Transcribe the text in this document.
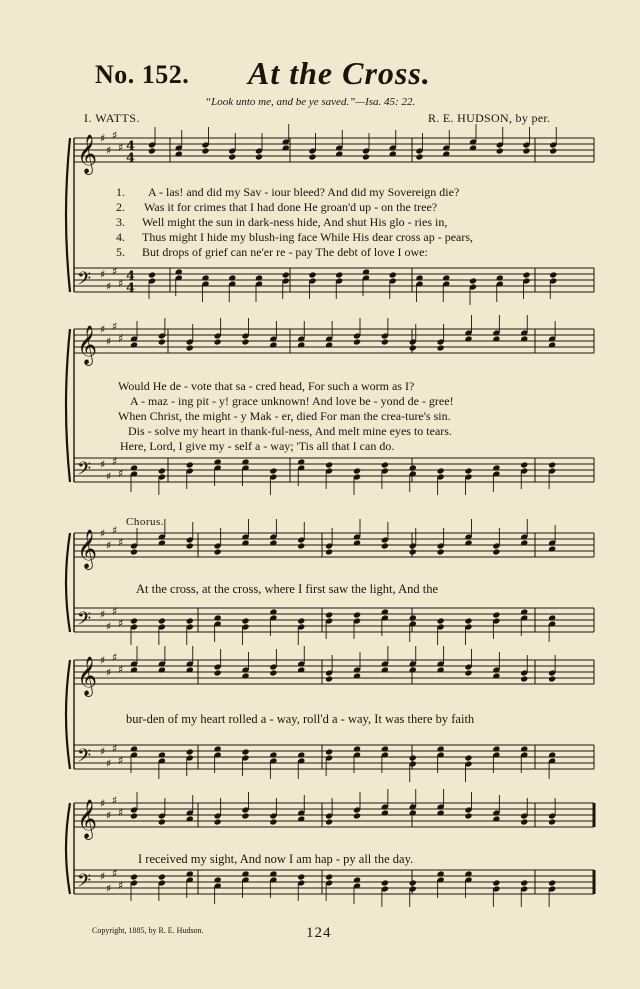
No. 152. At the Cross.
“Look unto me, and be ye saved.”—Isa. 45: 22.
I. WATTS.	R. E. HUDSON, by per.
𝄞 ♯
♯
♯
♯ 4
4
𝄢 ♯
♯
♯
♯ 4
4
𝄞 ♯
♯
♯
♯
𝄢 ♯
♯
♯
♯
𝄞 ♯
♯
♯
♯
𝄢 ♯
♯
♯
♯
𝄞 ♯
♯
♯
♯
𝄢 ♯
♯
♯
♯
𝄞 ♯
♯
♯
♯
𝄢 ♯
♯
♯
♯
1. A - las! and did my Sav - iour bleed? And did my Sovereign die?
2. Was it for crimes that I had done He groan'd up - on the tree?
3. Well might the sun in dark-ness hide, And shut His glo - ries in,
4. Thus might I hide my blush-ing face While His dear cross ap - pears,
5. But drops of grief can ne'er re - pay The debt of love I owe:
Would He de - vote that sa - cred head, For such a worm as I?
A - maz - ing pit - y! grace unknown! And love be - yond de - gree!
When Christ, the might - y Mak - er, died For man the crea-ture's sin.
Dis - solve my heart in thank-ful-ness, And melt mine eyes to tears.
Here, Lord, I give my - self a - way; 'Tis all that I can do.
Chorus.
At the cross, at the cross, where I first saw the light, And the
bur-den of my heart rolled a - way, roll'd a - way, It was there by faith
I received my sight, And now I am hap - py all the day.
Copyright, 1885, by R. E. Hudson.	124
